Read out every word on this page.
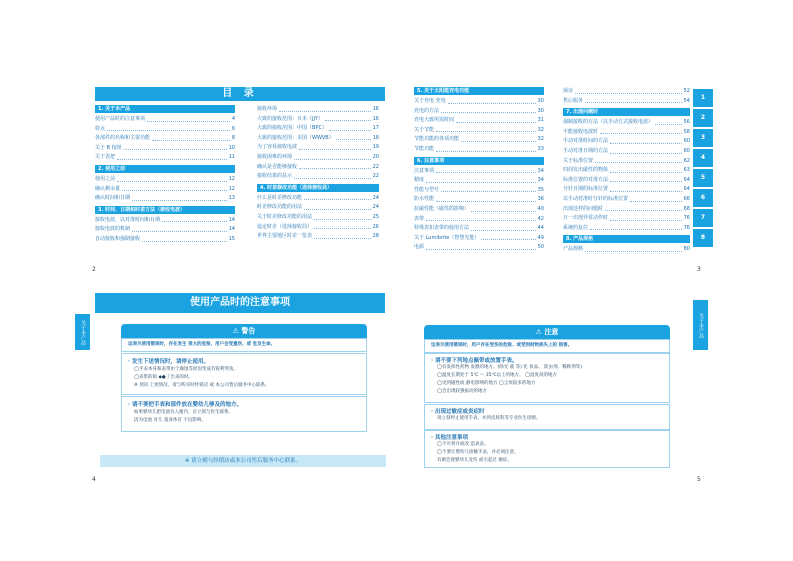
目 录
1. 关于本产品
使用产品时的注意事项	4
特点	6
各部件的名称和主要功能	8
关于 B 按钮	10
关于表把	11
2. 使用之前
使用之前	12
确认剩余量	12
确认时间和日期	13
3. 时间、日期和时差方法（接收电波）
接收电波，以对准时间和日期	14
接收电波的机制	14
自动接收和强制接收	15
接收环境	16
大致的接收范围：日本（JJY）	16
大致的接收范围：中国（BPC）	17
大致的接收范围：美国（WWVB）	18
为了容易接收电波	19
接收困难的环境	20
确认是否能够接收	22
接收结果的显示	22
4. 时差修改功能（选择接收局）
什么是时差修改功能	24
时差修改功能的用法	24
关于时差修改功能的用法	25
设定时差（选择接收局）	26
世界主要地区时差一览表	28
2
5. 关于太阳能充电功能
关于充电 充电	30
充电的方法	30
充电大致所需时间	31
关于节能	32
节能功能的各项功能	32
节能功能	33
6. 注意事项
注意事项	34
精度	34
性能与型号	35
防水性能	36
抗磁性能（磁性的影响）	40
表带	42
特殊表扣表带的使用方法	44
关于 Lumibrite（智慧光能）	49
电源	50
保证	52
售后服务	54
7. 出现问题时
强制接收的方法（以手动方式接收电波）	56
不能接收电波时	58
手动对准时间的方法	60
手动对准日期的方法	60
关于标准位置	62
四周发出磁性的物体	63
标准位置的对准方法	64
分针日期的标准位置	64
以手动对准时分针的标准位置	66
出现这样的问题时	68
万一出现异常动作时	76
系统的复位	76
8. 产品规格
产品规格	80
1
2
3
4
5
6
7
8
3
使用产品时的注意事项
关于本产品	⚠ 警告
这表示使用错误时，存在发生 很大的危险，用户会受重伤、或 危及生命。
· 发生下述情况时，请停止使用。
◯手表本身和表带由于腐蚀等原因变成有锐利突角。
◯表带的销 ◆●了出来的时。
※ 须向 上述情况，请与购买时经销店 或 本公司售后服务中心联系。
· 请不要把手表和部件放在婴幼儿够及的地方。
如果婴幼儿把电池吞入腹内，应立刻与医生联系。
因为电池 对儿 童身体有 不良影响。
※ 请立刻与经销店或本公司售后服务中心联系。
4
关于本产品
⚠ 注意
这表示使用错误时，用户存在受伤的危险、或受到财物损失上的 损害。
· 请不要下列地点佩带或放置手表。
◯有发挥性药物 发散的地方。(除光 液 等) 化 妆品、 防虫剂、稀释剂等)
◯温度长期处于 5℃ ～ 35℃以上的地方。 ◯湿度高的地方
◯受到磁性或 静电影响的地方 ◯尘埃较多的地方
◯会出现较强振动的地方
· 出现过敏症或炎症时
请立刻停止使用手表，并到皮肤科等专业医生诊断。
· 其他注意事项
◯不可将开或改 造表表。
◯不要让婴幼儿接触手表，并必须注意。
有刺会使婴幼儿受伤 或引起过 敏症。
5
